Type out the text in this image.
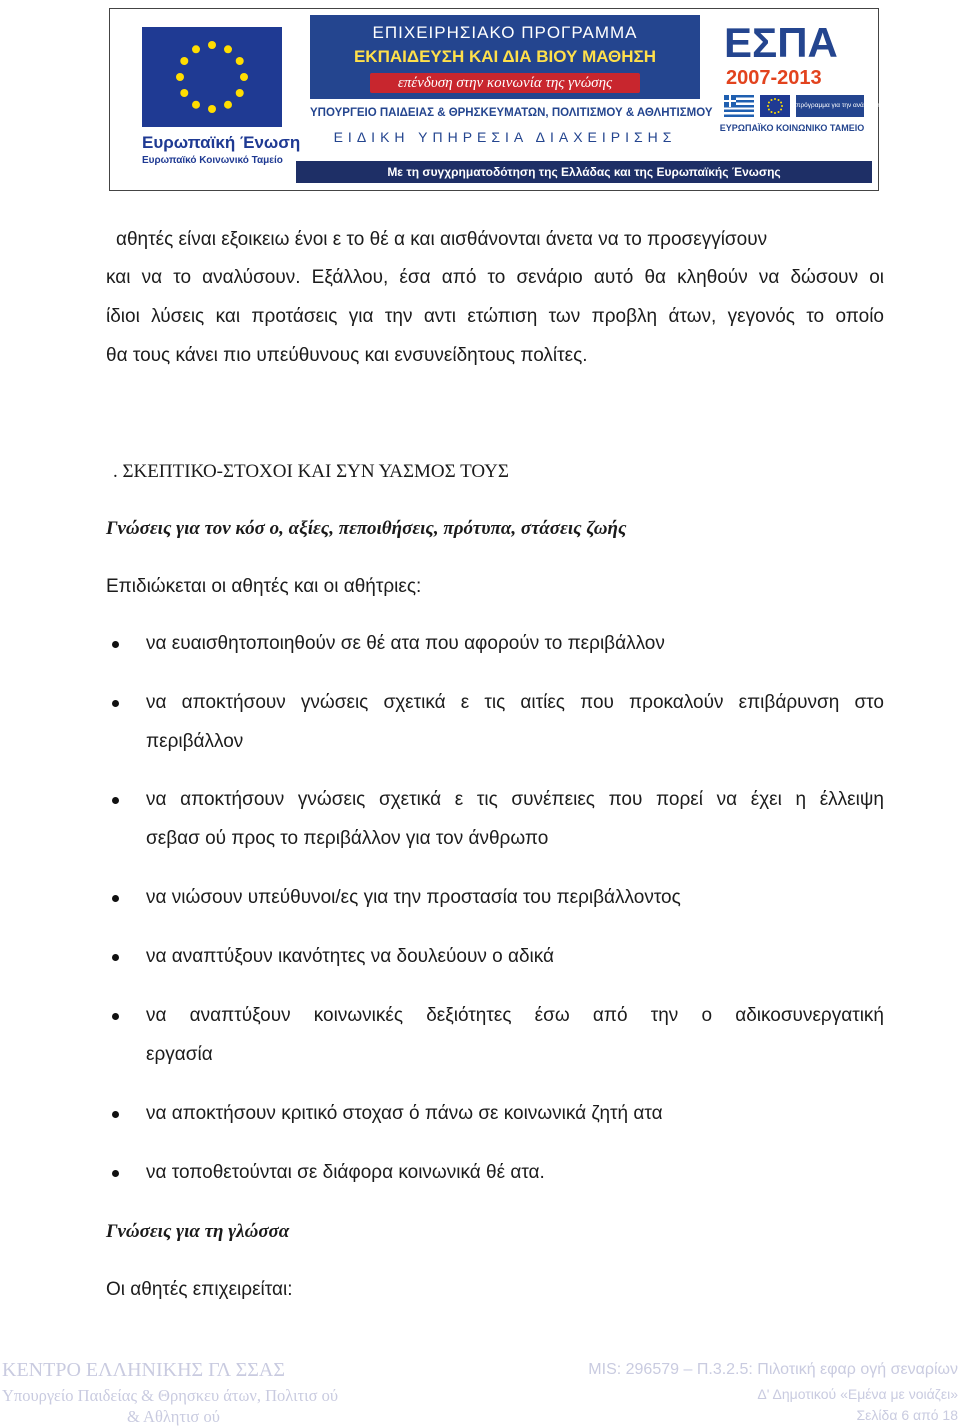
Ευρωπαϊκή Ένωση
Ευρωπαϊκό Κοινωνικό Ταμείο
ΕΠΙΧΕΙΡΗΣΙΑΚΟ ΠΡΟΓΡΑΜΜΑ
ΕΚΠΑΙΔΕΥΣΗ ΚΑΙ ΔΙΑ ΒΙΟΥ ΜΑΘΗΣΗ
επένδυση στην κοινωνία της γνώσης
ΥΠΟΥΡΓΕΙΟ ΠΑΙΔΕΙΑΣ & ΘΡΗΣΚΕΥΜΑΤΩΝ, ΠΟΛΙΤΙΣΜΟΥ & ΑΘΛΗΤΙΣΜΟΥ
ΕΙΔΙΚΗ ΥΠΗΡΕΣΙΑ ΔΙΑΧΕΙΡΙΣΗΣ
ΕΣΠΑ
2007-2013
πρόγραμμα για την ανάπτυξη
ΕΥΡΩΠΑΪΚΟ ΚΟΙΝΩΝΙΚΟ ΤΑΜΕΙΟ
Με τη συγχρηματοδότηση της Ελλάδας και της Ευρωπαϊκής Ένωσης
αθητές είναι εξοικειω ένοι ε το θέ α και αισθάνονται άνετα να το προσεγγίσουν
και να το αναλύσουν. Εξάλλου, έσα από το σενάριο αυτό θα κληθούν να δώσουν οι
ίδιοι λύσεις και προτάσεις για την αντι ετώπιση των προβλη άτων, γεγονός το οποίο
θα τους κάνει πιο υπεύθυνους και ενσυνείδητους πολίτες.
. ΣΚΕΠΤΙΚΟ-ΣΤΟΧΟΙ ΚΑΙ ΣΥΝ ΥΑΣΜΟΣ ΤΟΥΣ
Γνώσεις για τον κόσ ο, αξίες, πεποιθήσεις, πρότυπα, στάσεις ζωής
Επιδιώκεται οι αθητές και οι αθήτριες:
να ευαισθητοποιηθούν σε θέ ατα που αφορούν το περιβάλλον
να αποκτήσουν γνώσεις σχετικά ε τις αιτίες που προκαλούν επιβάρυνση στο
περιβάλλον
να αποκτήσουν γνώσεις σχετικά ε τις συνέπειες που πορεί να έχει η έλλειψη
σεβασ ού προς το περιβάλλον για τον άνθρωπο
να νιώσουν υπεύθυνοι/ες για την προστασία του περιβάλλοντος
να αναπτύξουν ικανότητες να δουλεύουν ο αδικά
να αναπτύξουν κοινωνικές δεξιότητες έσω από την ο αδικοσυνεργατική
εργασία
να αποκτήσουν κριτικό στοχασ ό πάνω σε κοινωνικά ζητή ατα
να τοποθετούνται σε διάφορα κοινωνικά θέ ατα.
Γνώσεις για τη γλώσσα
Οι αθητές επιχειρείται:
ΚΕΝΤΡΟ ΕΛΛΗΝΙΚΗΣ ΓΛ ΣΣΑΣ
Υπουργείο Παιδείας & Θρησκευ άτων, Πολιτισ ού
& Αθλητισ ού
MIS: 296579 – Π.3.2.5: Πιλοτική εφαρ ογή σεναρίων
Δ' Δημοτικού «Εμένα με νοιάζει»
Σελίδα 6 από 18
